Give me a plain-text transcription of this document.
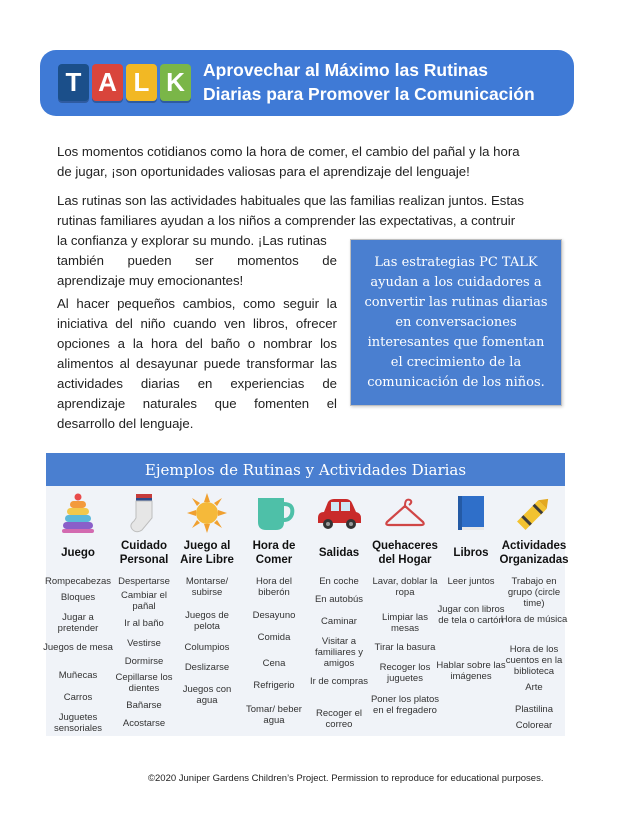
T A L K	Aprovechar al Máximo las Rutinas
Diarias para Promover la Comunicación
Los momentos cotidianos como la hora de comer, el cambio del pañal y la hora
de jugar, ¡son oportunidades valiosas para el aprendizaje del lenguaje!
Las rutinas son las actividades habituales que las familias realizan juntos. Estas
rutinas familiares ayudan a los niños a comprender las expectativas, a contruir
la confianza y explorar su mundo. ¡Las rutinas
también pueden ser momentos de
aprendizaje muy emocionantes!
Al hacer pequeños cambios, como seguir la
iniciativa del niño cuando ven libros, ofrecer
opciones a la hora del baño o nombrar los
alimentos al desayunar puede transformar las
actividades diarias en experiencias de
aprendizaje naturales que fomenten el
desarrollo del lenguaje.
Las estrategias PC TALK ayudan a los cuidadores a convertir las rutinas diarias en conversaciones interesantes que fomentan el crecimiento de la comunicación de los niños.
Ejemplos de Rutinas y Actividades Diarias
Juego
Rompecabezas
Bloques
Jugar a pretender
Juegos de mesa
Muñecas
Carros
Juguetes sensoriales
Cuidado Personal
Despertarse
Cambiar el pañal
Ir al baño
Vestirse
Dormirse
Cepillarse los dientes
Bañarse
Acostarse
Juego al Aire Libre
Montarse/ subirse
Juegos de pelota
Columpios
Deslizarse
Juegos con agua
Hora de Comer
Hora del biberón
Desayuno
Comida
Cena
Refrigerio
Tomar/ beber agua
Salidas
En coche
En autobús
Caminar
Visitar a familiares y amigos
Ir de compras
Recoger el correo
Quehaceres del Hogar
Lavar, doblar la ropa
Limpiar las mesas
Tirar la basura
Recoger los juguetes
Poner los platos en el fregadero
Libros
Leer juntos
Jugar con libros de tela o cartón
Hablar sobre las imágenes
Actividades Organizadas
Trabajo en grupo (circle time)
Hora de música
Hora de los cuentos en la biblioteca
Arte
Plastilina
Colorear
©2020 Juniper Gardens Children’s Project. Permission to reproduce for educational purposes.
